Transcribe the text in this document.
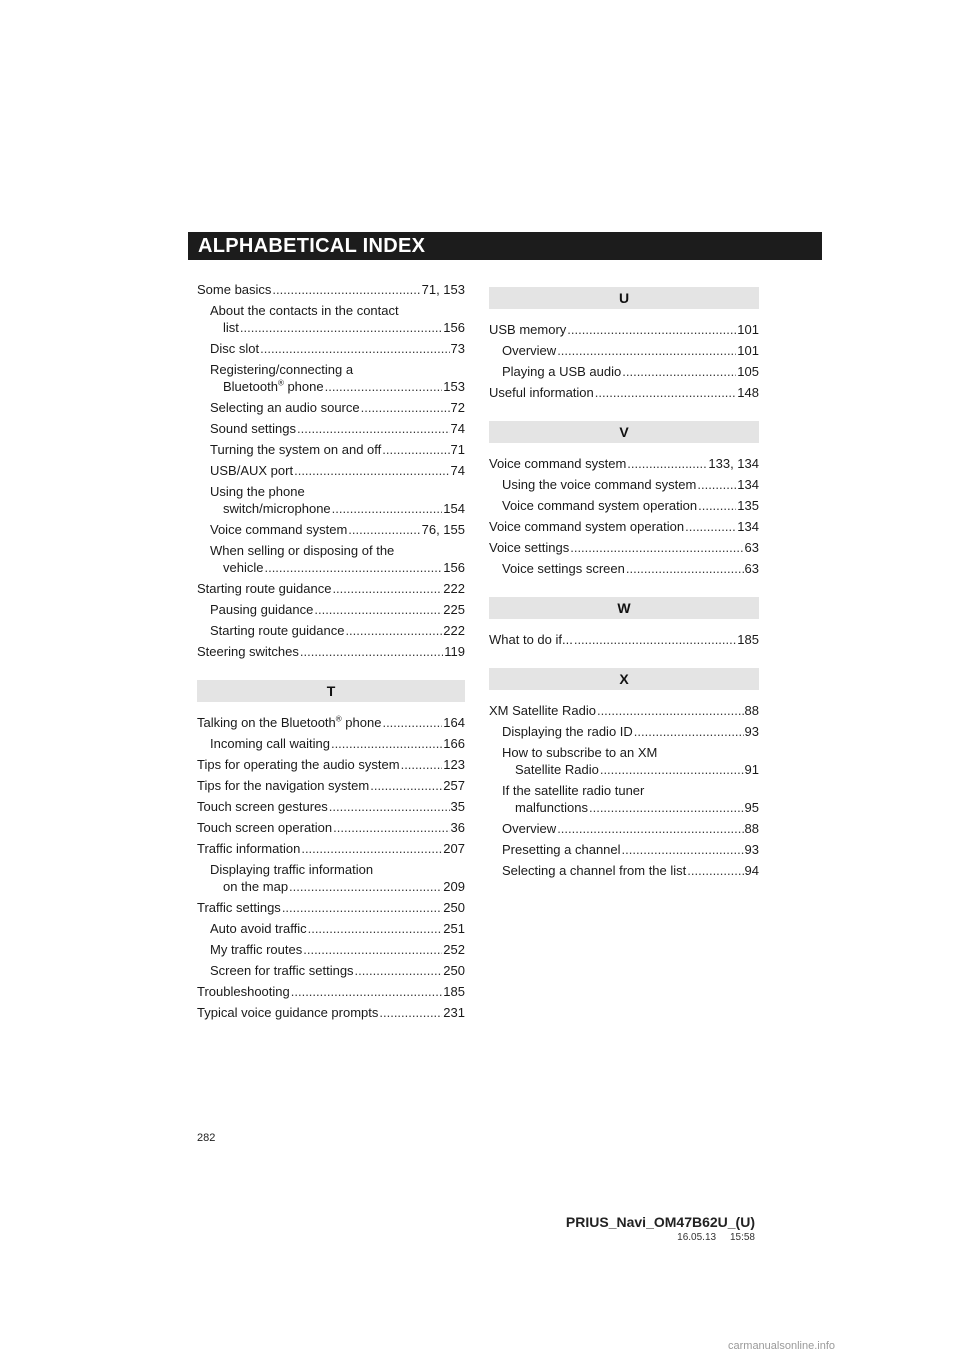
ALPHABETICAL INDEX
Some basics .....	71, 153
About the contacts in the contact
list .....	156
Disc slot .....	73
Registering/connecting a
Bluetooth® phone .....	153
Selecting an audio source .....	72
Sound settings .....	74
Turning the system on and off .....	71
USB/AUX port .....	74
Using the phone
switch/microphone .....	154
Voice command system .....	76, 155
When selling or disposing of the
vehicle .....	156
Starting route guidance .....	222
Pausing guidance .....	225
Starting route guidance .....	222
Steering switches .....	119
T
Talking on the Bluetooth® phone .....	164
Incoming call waiting .....	166
Tips for operating the audio system .....	123
Tips for the navigation system .....	257
Touch screen gestures .....	35
Touch screen operation .....	36
Traffic information .....	207
Displaying traffic information
on the map .....	209
Traffic settings .....	250
Auto avoid traffic .....	251
My traffic routes .....	252
Screen for traffic settings .....	250
Troubleshooting .....	185
Typical voice guidance prompts .....	231
U
USB memory .....	101
Overview .....	101
Playing a USB audio .....	105
Useful information .....	148
V
Voice command system .....	133, 134
Using the voice command system .....	134
Voice command system operation .....	135
Voice command system operation .....	134
Voice settings .....	63
Voice settings screen .....	63
W
What to do if... .....	185
X
XM Satellite Radio .....	88
Displaying the radio ID .....	93
How to subscribe to an XM
Satellite Radio .....	91
If the satellite radio tuner
malfunctions .....	95
Overview .....	88
Presetting a channel .....	93
Selecting a channel from the list .....	94
282
PRIUS_Navi_OM47B62U_(U)
16.05.13     15:58
carmanualsonline.info
